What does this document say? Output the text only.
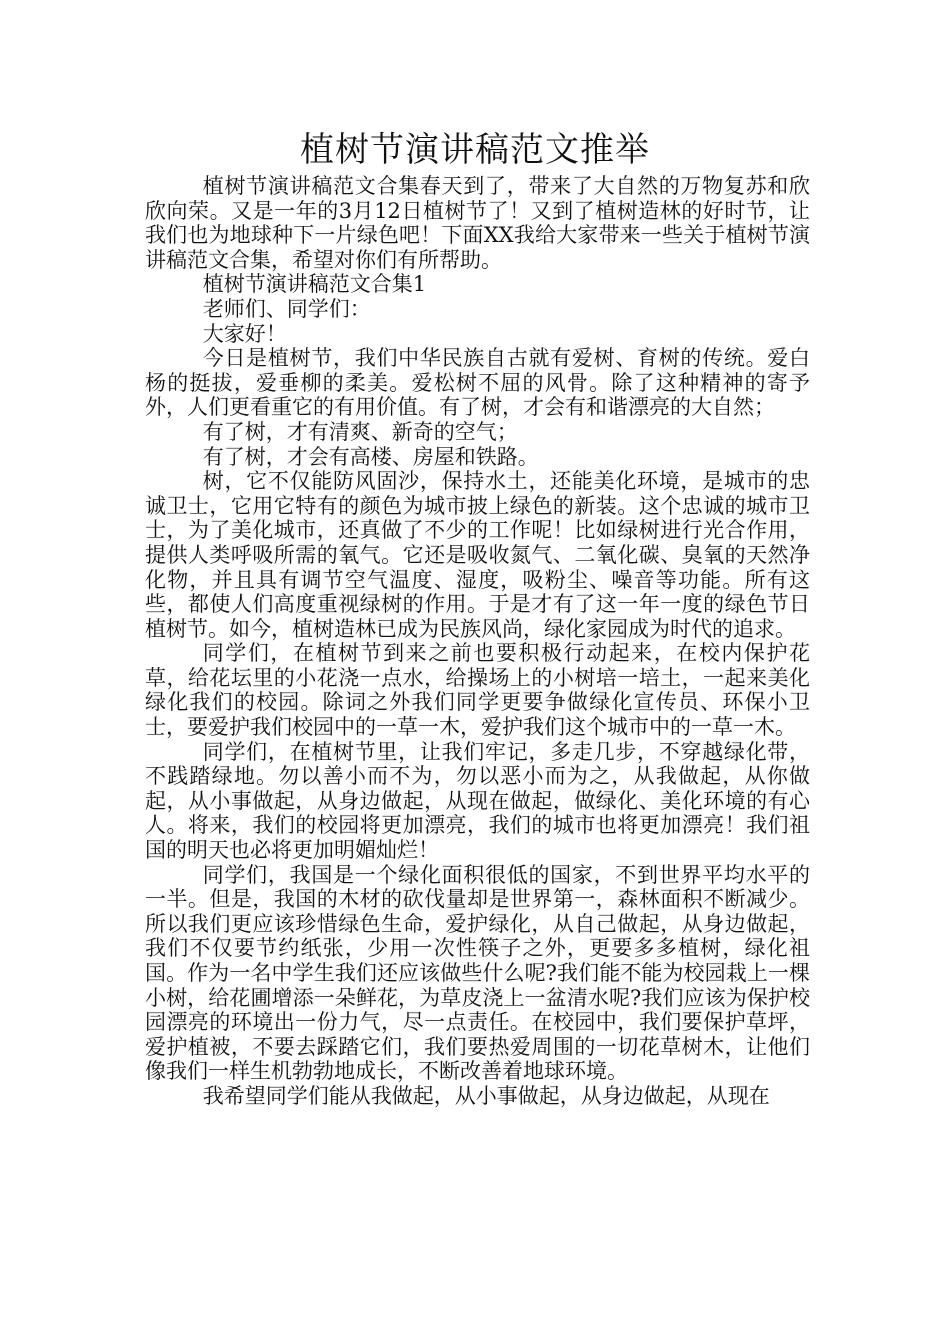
植树节演讲稿范文推举

植树节演讲稿范文合集春天到了，带来了大自然的万物复苏和欣欣向荣。又是一年的3月12日植树节了！又到了植树造林的好时节，让我们也为地球种下一片绿色吧！下面XX我给大家带来一些关于植树节演讲稿范文合集，希望对你们有所帮助。

植树节演讲稿范文合集1

老师们、同学们：

大家好！

今日是植树节，我们中华民族自古就有爱树、育树的传统。爱白杨的挺拔，爱垂柳的柔美。爱松树不屈的风骨。除了这种精神的寄予外，人们更看重它的有用价值。有了树，才会有和谐漂亮的大自然；

有了树，才有清爽、新奇的空气；

有了树，才会有高楼、房屋和铁路。

树，它不仅能防风固沙，保持水土，还能美化环境，是城市的忠诚卫士，它用它特有的颜色为城市披上绿色的新装。这个忠诚的城市卫士，为了美化城市，还真做了不少的工作呢！比如绿树进行光合作用，提供人类呼吸所需的氧气。它还是吸收氮气、二氧化碳、臭氧的天然净化物，并且具有调节空气温度、湿度，吸粉尘、噪音等功能。所有这些，都使人们高度重视绿树的作用。于是才有了这一年一度的绿色节日植树节。如今，植树造林已成为民族风尚，绿化家园成为时代的追求。

同学们，在植树节到来之前也要积极行动起来，在校内保护花草，给花坛里的小花浇一点水，给操场上的小树培一培土，一起来美化绿化我们的校园。除词之外我们同学更要争做绿化宣传员、环保小卫士，要爱护我们校园中的一草一木，爱护我们这个城市中的一草一木。

同学们，在植树节里，让我们牢记，多走几步，不穿越绿化带，不践踏绿地。勿以善小而不为，勿以恶小而为之，从我做起，从你做起，从小事做起，从身边做起，从现在做起，做绿化、美化环境的有心人。将来，我们的校园将更加漂亮，我们的城市也将更加漂亮！我们祖国的明天也必将更加明媚灿烂！

同学们，我国是一个绿化面积很低的国家，不到世界平均水平的一半。但是，我国的木材的砍伐量却是世界第一，森林面积不断减少。所以我们更应该珍惜绿色生命，爱护绿化，从自己做起，从身边做起，我们不仅要节约纸张，少用一次性筷子之外，更要多多植树，绿化祖国。作为一名中学生我们还应该做些什么呢?我们能不能为校园栽上一棵小树，给花圃增添一朵鲜花，为草皮浇上一盆清水呢?我们应该为保护校园漂亮的环境出一份力气，尽一点责任。在校园中，我们要保护草坪，爱护植被，不要去踩踏它们，我们要热爱周围的一切花草树木，让他们像我们一样生机勃勃地成长，不断改善着地球环境。

我希望同学们能从我做起，从小事做起，从身边做起，从现在
